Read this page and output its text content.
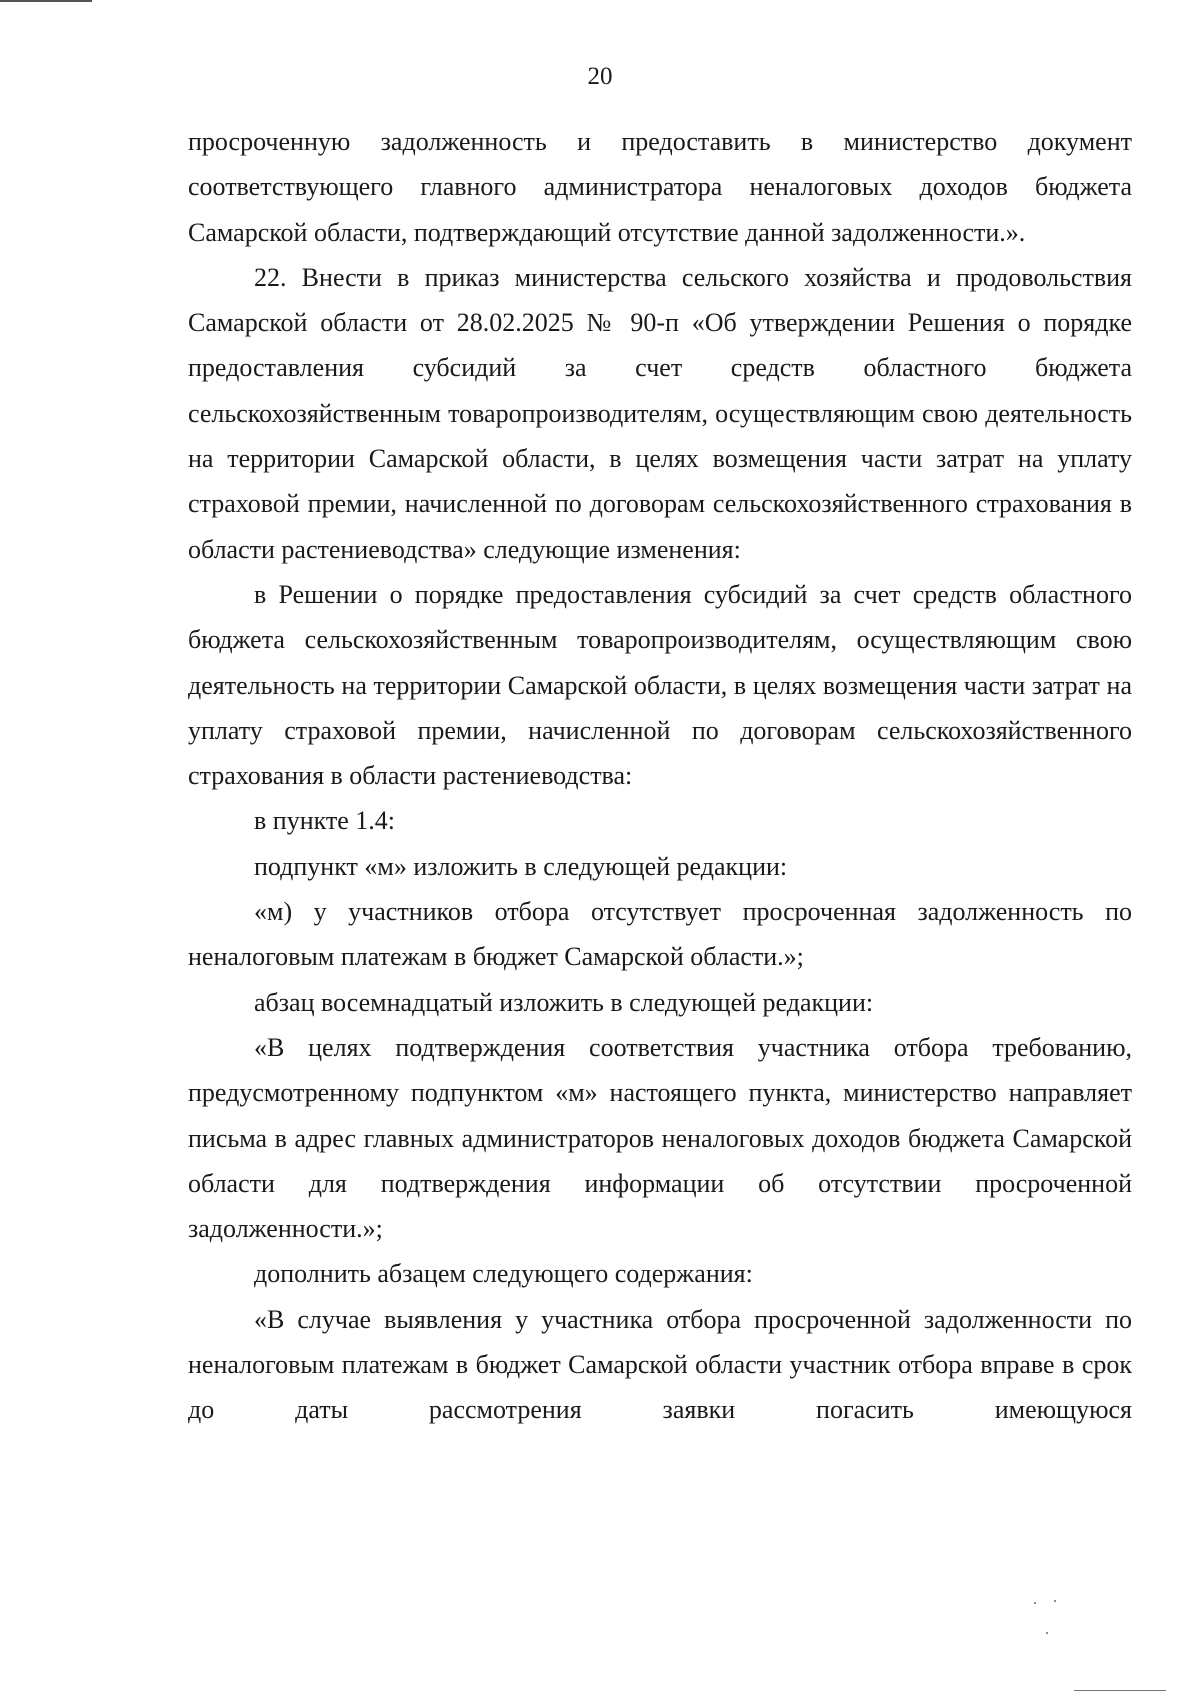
20

просроченную задолженность и предоставить в министерство документ соответствующего главного администратора неналоговых доходов бюджета Самарской области, подтверждающий отсутствие данной задолженности.».

22. Внести в приказ министерства сельского хозяйства и продовольствия Самарской области от 28.02.2025 № 90-п «Об утверждении Решения о порядке предоставления субсидий за счет средств областного бюджета сельскохозяйственным товаропроизводителям, осуществляющим свою деятельность на территории Самарской области, в целях возмещения части затрат на уплату страховой премии, начисленной по договорам сельскохозяйственного страхования в области растениеводства» следующие изменения:

в Решении о порядке предоставления субсидий за счет средств областного бюджета сельскохозяйственным товаропроизводителям, осуществляющим свою деятельность на территории Самарской области, в целях возмещения части затрат на уплату страховой премии, начисленной по договорам сельскохозяйственного страхования в области растениеводства:

в пункте 1.4:

подпункт «м» изложить в следующей редакции:

«м) у участников отбора отсутствует просроченная задолженность по неналоговым платежам в бюджет Самарской области.»;

абзац восемнадцатый изложить в следующей редакции:

«В целях подтверждения соответствия участника отбора требованию, предусмотренному подпунктом «м» настоящего пункта, министерство направляет письма в адрес главных администраторов неналоговых доходов бюджета Самарской области для подтверждения информации об отсутствии просроченной задолженности.»;

дополнить абзацем следующего содержания:

«В случае выявления у участника отбора просроченной задолженности по неналоговым платежам в бюджет Самарской области участник отбора вправе в срок до даты рассмотрения заявки погасить имеющуюся
